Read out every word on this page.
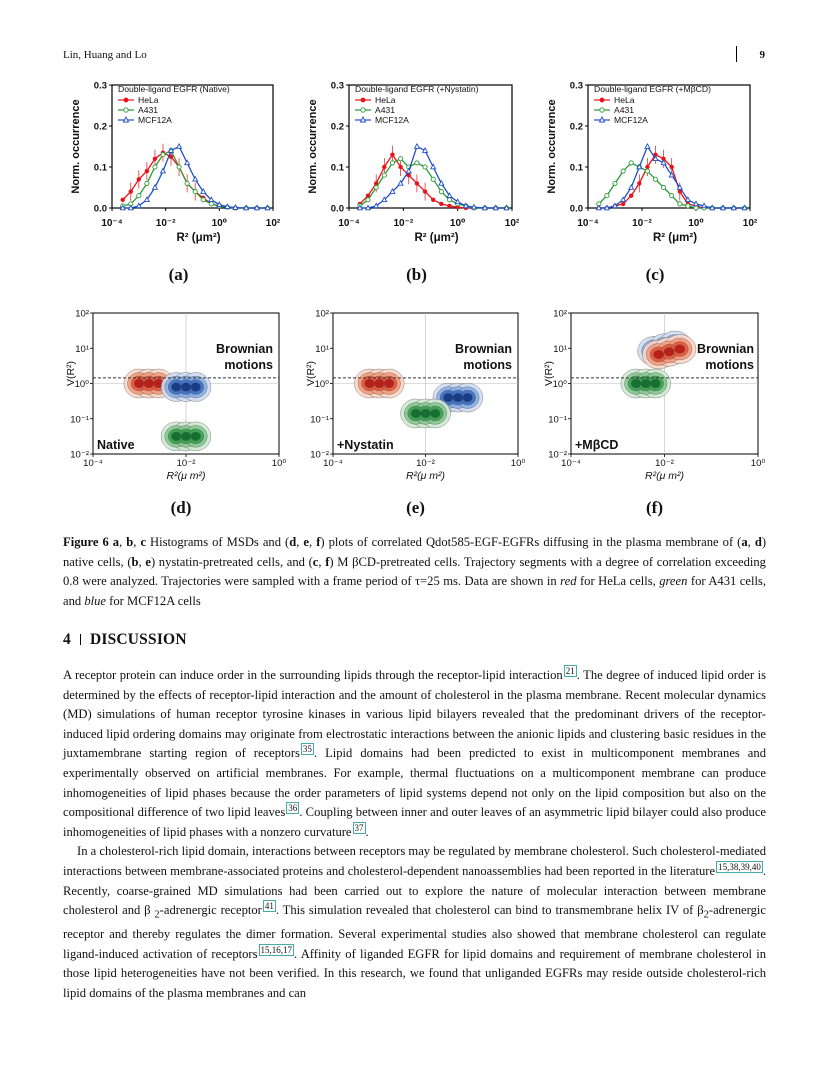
Lin, Huang and Lo	9
0.0
0.1
0.2
0.3
10⁻⁴	10⁻²	10⁰	10²
R² (μm²)
Norm. occurrence
Double-ligand EGFR (Native)
HeLa
A431
MCF12A
(a)
0.0
0.1
0.2
0.3
10⁻⁴	10⁻²	10⁰	10²
R² (μm²)
Norm. occurrence
Double-ligand EGFR (+Nystatin)
HeLa
A431
MCF12A
(b)
0.0
0.1
0.2
0.3
10⁻⁴	10⁻²	10⁰	10²
R² (μm²)
Norm. occurrence
Double-ligand EGFR (+MβCD)
HeLa
A431
MCF12A
(c)
Brownian
motions
Native
10²
10¹
10⁰
10⁻¹
10⁻²
10⁻⁴	10⁻²	10⁰
R²(μ m²)
V(R²)
(d)
Brownian
motions
+Nystatin
10²
10¹
10⁰
10⁻¹
10⁻²
10⁻⁴	10⁻²	10⁰
R²(μ m²)
V(R²)
(e)
Brownian
motions
+MβCD
10²
10¹
10⁰
10⁻¹
10⁻²
10⁻⁴	10⁻²	10⁰
R²(μ m²)
V(R²)
(f)
Figure 6 a, b, c Histograms of MSDs and (d, e, f) plots of correlated Qdot585-EGF-EGFRs diffusing in the plasma membrane of (a, d) native cells, (b, e) nystatin-pretreated cells, and (c, f) M βCD-pretreated cells. Trajectory segments with a degree of correlation exceeding 0.8 were analyzed. Trajectories were sampled with a frame period of τ=25 ms. Data are shown in red for HeLa cells, green for A431 cells, and blue for MCF12A cells
4 DISCUSSION

A receptor protein can induce order in the surrounding lipids through the receptor-lipid interaction $^{21}$ . The degree of induced lipid order is determined by the effects of receptor-lipid interaction and the amount of cholesterol in the plasma membrane. Recent molecular dynamics (MD) simulations of human receptor tyrosine kinases in various lipid bilayers revealed that the predominant drivers of the receptor-induced lipid ordering domains may originate from electrostatic interactions between the anionic lipids and clustering basic residues in the juxtamembrane starting region of receptors $^{35}$ . Lipid domains had been predicted to exist in multicomponent membranes and experimentally observed on artificial membranes. For example, thermal fluctuations on a multicomponent membrane can produce inhomogeneities of lipid phases because the order parameters of lipid systems depend not only on the lipid composition but also on the compositional difference of two lipid leaves $^{36}$ . Coupling between inner and outer leaves of an asymmetric lipid bilayer could also produce inhomogeneities of lipid phases with a nonzero curvature $^{37}$ .

In a cholesterol-rich lipid domain, interactions between receptors may be regulated by membrane cholesterol. Such cholesterol-mediated interactions between membrane-associated proteins and cholesterol-dependent nanoassemblies had been reported in the literature $^{15,38,39,40}$ . Recently, coarse-grained MD simulations had been carried out to explore the nature of molecular interaction between membrane cholesterol and β $_2$-adrenergic receptor $^{41}$ . This simulation revealed that cholesterol can bind to transmembrane helix IV of $\beta_2$-adrenergic receptor and thereby regulates the dimer formation. Several experimental studies also showed that membrane cholesterol can regulate ligand-induced activation of receptors $^{15,16,17}$ . Affinity of liganded EGFR for lipid domains and requirement of membrane cholesterol in those lipid heterogeneities have not been verified. In this research, we found that unliganded EGFRs may reside outside cholesterol-rich lipid domains of the plasma membranes and can
